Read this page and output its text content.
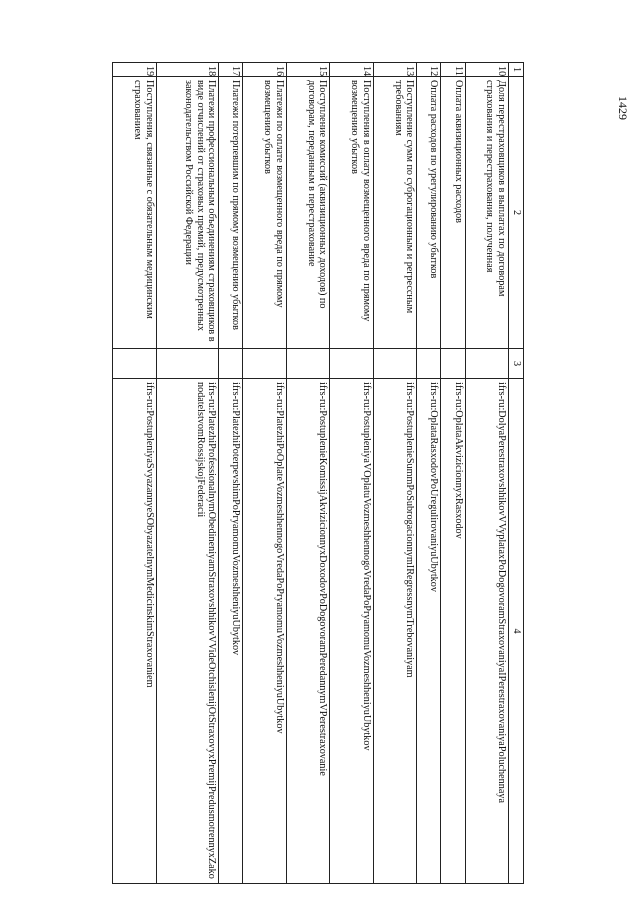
1429
1	2	3	4
10	Доля перестраховщиков в выплатах по договорам страхования и перестрахования, полученная		ifrs-ru:DolyaPerestraxovshhikovVVyplataxPoDogovoramStraxovaniyaIPerestraxovaniyaPoluchennaya
11	Оплата аквизиционных расходов		ifrs-ru:OplataAkvizicionnyxRasxodov
12	Оплата расходов по урегулированию убытков		ifrs-ru:OplataRasxodovPoUregulirovaniyuUbytkov
13	Поступление сумм по суброгационным и регрессным требованиям		ifrs-ru:PostuplenieSummPoSubrogacionnymIRegressnymTrebovaniyam
14	Поступления в оплату возмещенного вреда по прямому возмещению убытков		ifrs-ru:PostupleniyaVOplatuVozmeshhennogoVredaPoPryamomuVozmeshheniyuUbytkov
15	Поступление комиссий (аквизиционных доходов) по договорам, переданным в перестрахование		ifrs-ru:PostuplenieKomissijAkvizicionnyxDoxodovPoDogovoramPeredannymVPerestraxovanie
16	Платежи по оплате возмещенного вреда по прямому возмещению убытков		ifrs-ru:PlatezhiPoOplateVozmeshhennogoVredaPoPryamomuVozmeshheniyuUbytkov
17	Платежи потерпевшим по прямому возмещению убытков		ifrs-ru:PlatezhiPoterpevshimPoPryamomuVozmeshheniyuUbytkov
18	Платежи профессиональным объединениям страховщиков в виде отчислений от страховых премий, предусмотренных законодательством Российской Федерации		ifrs-ru:PlatezhiProfessionalnymObedineniyamStraxovshhikovVVideOtchislenijOtStraxovyxPremijPredusmotrennyxZakonodatelstvomRossijskojFederacii
19	Поступления, связанные с обязательным медицинским страхованием		ifrs-ru:PostupleniyaSvyazannyeSObyazatelnymMedicinskimStraxovaniem
